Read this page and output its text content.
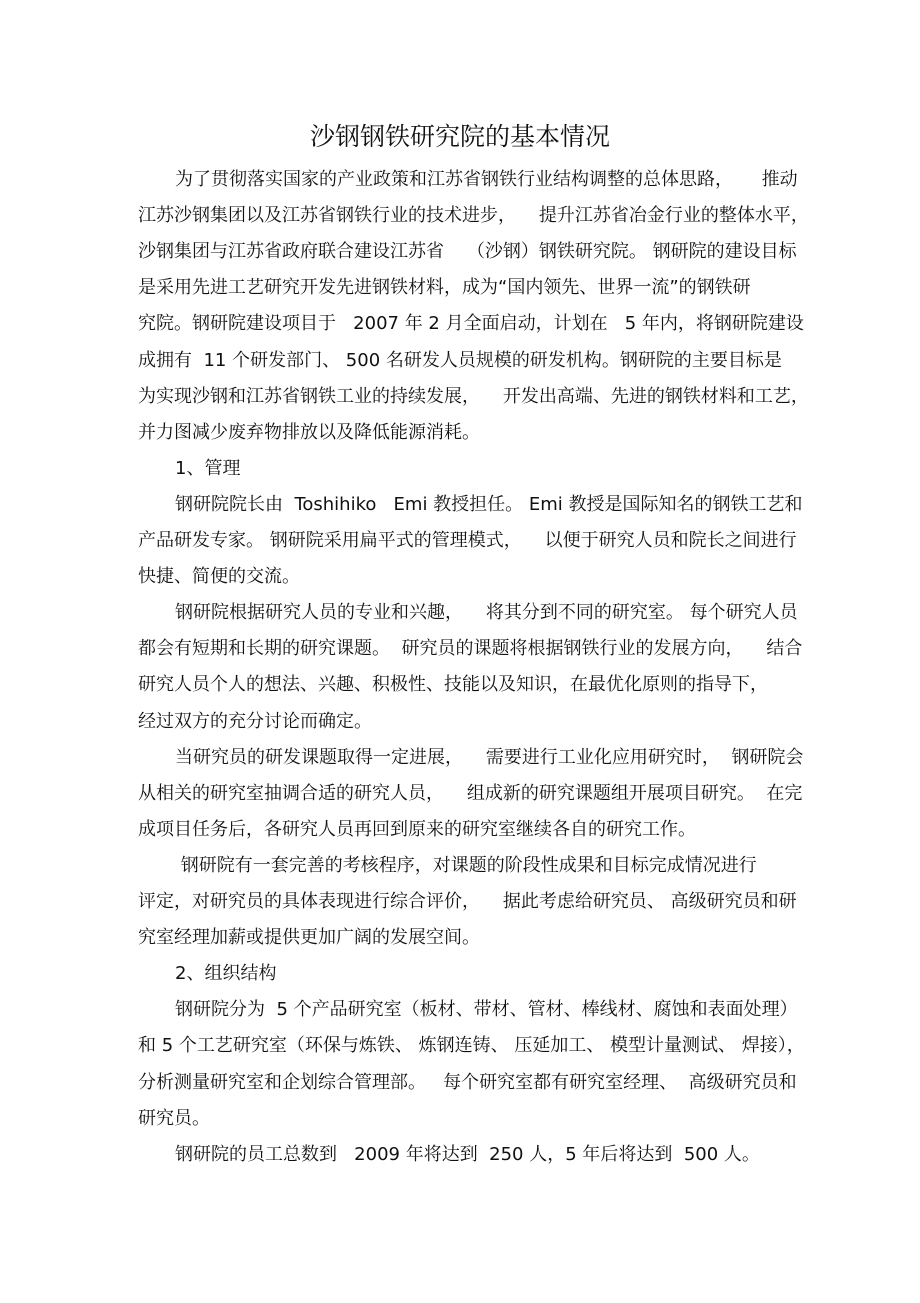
沙钢钢铁研究院的基本情况
为了贯彻落实国家的产业政策和江苏省钢铁行业结构调整的总体思路，     推动
江苏沙钢集团以及江苏省钢铁行业的技术进步，    提升江苏省冶金行业的整体水平，
沙钢集团与江苏省政府联合建设江苏省    （沙钢）钢铁研究院。 钢研院的建设目标
是采用先进工艺研究开发先进钢铁材料，成为“国内领先、世界一流”的钢铁研
究院。钢研院建设项目于   2007 年 2 月全面启动，计划在   5 年内，将钢研院建设
成拥有  11 个研发部门、 500 名研发人员规模的研发机构。钢研院的主要目标是
为实现沙钢和江苏省钢铁工业的持续发展，    开发出高端、先进的钢铁材料和工艺，
并力图减少废弃物排放以及降低能源消耗。
1、管理
钢研院院长由  Toshihiko   Emi 教授担任。 Emi 教授是国际知名的钢铁工艺和
产品研发专家。 钢研院采用扁平式的管理模式，    以便于研究人员和院长之间进行
快捷、简便的交流。
钢研院根据研究人员的专业和兴趣，    将其分到不同的研究室。 每个研究人员
都会有短期和长期的研究课题。  研究员的课题将根据钢铁行业的发展方向，    结合
研究人员个人的想法、兴趣、积极性、技能以及知识，在最优化原则的指导下，
经过双方的充分讨论而确定。
当研究员的研发课题取得一定进展，    需要进行工业化应用研究时，  钢研院会
从相关的研究室抽调合适的研究人员，    组成新的研究课题组开展项目研究。  在完
成项目任务后，各研究人员再回到原来的研究室继续各自的研究工作。
钢研院有一套完善的考核程序，对课题的阶段性成果和目标完成情况进行
评定，对研究员的具体表现进行综合评价，    据此考虑给研究员、 高级研究员和研
究室经理加薪或提供更加广阔的发展空间。
2、组织结构
钢研院分为  5 个产品研究室（板材、带材、管材、棒线材、腐蚀和表面处理）
和 5 个工艺研究室（环保与炼铁、 炼钢连铸、 压延加工、 模型计量测试、 焊接），
分析测量研究室和企划综合管理部。   每个研究室都有研究室经理、  高级研究员和
研究员。
钢研院的员工总数到   2009 年将达到  250 人，5 年后将达到  500 人。
